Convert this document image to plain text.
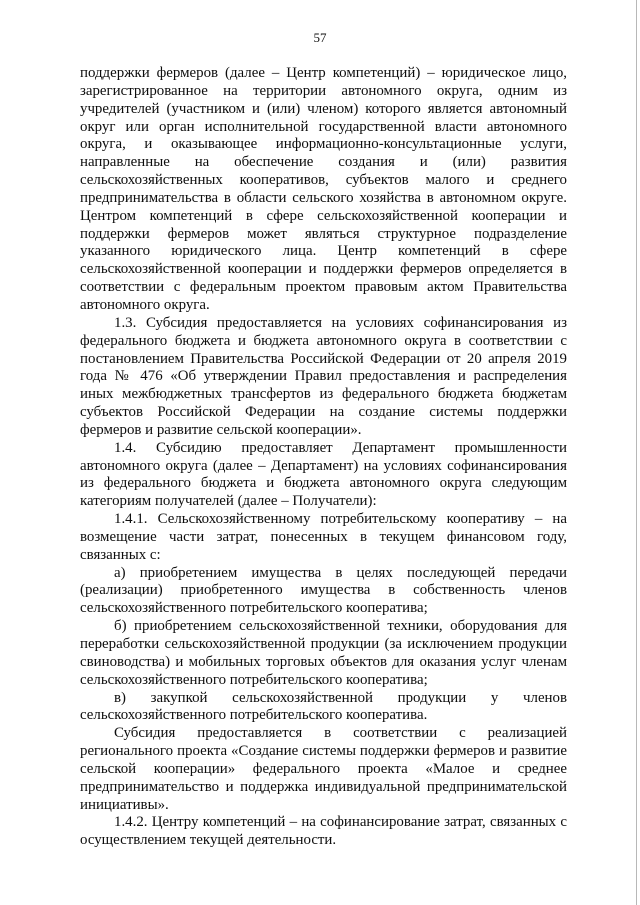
57

поддержки фермеров (далее – Центр компетенций) – юридическое лицо, зарегистрированное на территории автономного округа, одним из учредителей (участником и (или) членом) которого является автономный округ или орган исполнительной государственной власти автономного округа, и оказывающее информационно-консультационные услуги, направленные на обеспечение создания и (или) развития сельскохозяйственных кооперативов, субъектов малого и среднего предпринимательства в области сельского хозяйства в автономном округе. Центром компетенций в сфере сельскохозяйственной кооперации и поддержки фермеров может являться структурное подразделение указанного юридического лица. Центр компетенций в сфере сельскохозяйственной кооперации и поддержки фермеров определяется в соответствии с федеральным проектом правовым актом Правительства автономного округа.

1.3. Субсидия предоставляется на условиях софинансирования из федерального бюджета и бюджета автономного округа в соответствии с постановлением Правительства Российской Федерации от 20 апреля 2019 года № 476 «Об утверждении Правил предоставления и распределения иных межбюджетных трансфертов из федерального бюджета бюджетам субъектов Российской Федерации на создание системы поддержки фермеров и развитие сельской кооперации».

1.4. Субсидию предоставляет Департамент промышленности автономного округа (далее – Департамент) на условиях софинансирования из федерального бюджета и бюджета автономного округа следующим категориям получателей (далее – Получатели):

1.4.1. Сельскохозяйственному потребительскому кооперативу – на возмещение части затрат, понесенных в текущем финансовом году, связанных с:

а) приобретением имущества в целях последующей передачи (реализации) приобретенного имущества в собственность членов сельскохозяйственного потребительского кооператива;

б) приобретением сельскохозяйственной техники, оборудования для переработки сельскохозяйственной продукции (за исключением продукции свиноводства) и мобильных торговых объектов для оказания услуг членам сельскохозяйственного потребительского кооператива;

в) закупкой сельскохозяйственной продукции у членов сельскохозяйственного потребительского кооператива.

Субсидия предоставляется в соответствии с реализацией регионального проекта «Создание системы поддержки фермеров и развитие сельской кооперации» федерального проекта «Малое и среднее предпринимательство и поддержка индивидуальной предпринимательской инициативы».

1.4.2. Центру компетенций – на софинансирование затрат, связанных с осуществлением текущей деятельности.
